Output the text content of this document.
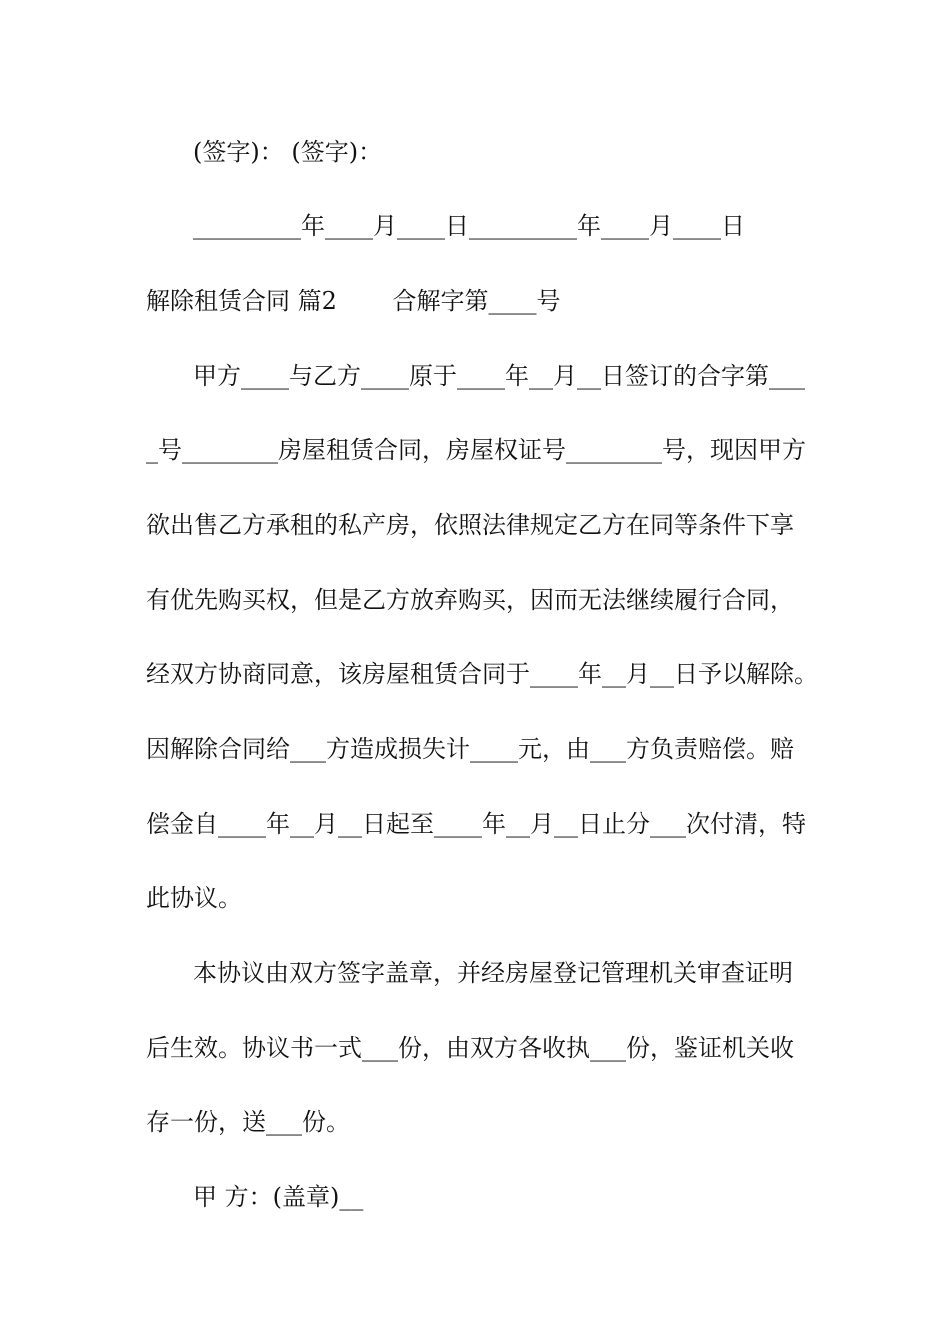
(签字)： (签字)：
_________年____月____日_________年____月____日
解除租赁合同 篇2　　 合解字第____号
甲方____与乙方____原于____年__月__日签订的合字第___
_号________房屋租赁合同，房屋权证号________号，现因甲方
欲出售乙方承租的私产房，依照法律规定乙方在同等条件下享
有优先购买权，但是乙方放弃购买，因而无法继续履行合同，
经双方协商同意，该房屋租赁合同于____年__月__日予以解除。
因解除合同给___方造成损失计____元，由___方负责赔偿。赔
偿金自____年__月__日起至____年__月__日止分___次付清，特
此协议。
本协议由双方签字盖章，并经房屋登记管理机关审查证明
后生效。协议书一式___份，由双方各收执___份，鉴证机关收
存一份，送___份。
甲 方：(盖章)__
